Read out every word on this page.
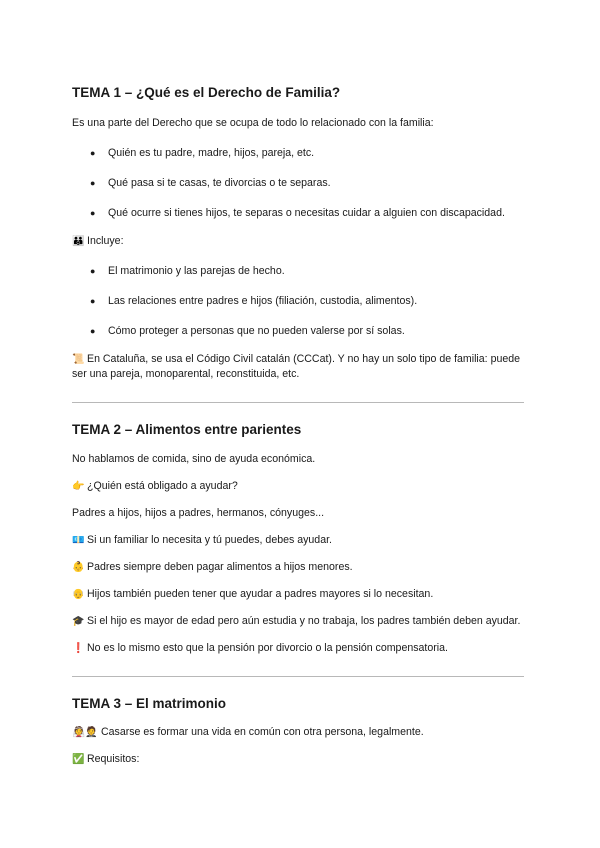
TEMA 1 – ¿Qué es el Derecho de Familia?

Es una parte del Derecho que se ocupa de todo lo relacionado con la familia:

● Quién es tu padre, madre, hijos, pareja, etc.
● Qué pasa si te casas, te divorcias o te separas.
● Qué ocurre si tienes hijos, te separas o necesitas cuidar a alguien con discapacidad.

👪 Incluye:

● El matrimonio y las parejas de hecho.
● Las relaciones entre padres e hijos (filiación, custodia, alimentos).
● Cómo proteger a personas que no pueden valerse por sí solas.

📜 En Cataluña, se usa el Código Civil catalán (CCCat). Y no hay un solo tipo de familia: puede ser una pareja, monoparental, reconstituida, etc.

TEMA 2 – Alimentos entre parientes

No hablamos de comida, sino de ayuda económica.

👉 ¿Quién está obligado a ayudar?

Padres a hijos, hijos a padres, hermanos, cónyuges...

💶 Si un familiar lo necesita y tú puedes, debes ayudar.

👶 Padres siempre deben pagar alimentos a hijos menores.

👴 Hijos también pueden tener que ayudar a padres mayores si lo necesitan.

🎓 Si el hijo es mayor de edad pero aún estudia y no trabaja, los padres también deben ayudar.

❗ No es lo mismo esto que la pensión por divorcio o la pensión compensatoria.

TEMA 3 – El matrimonio

👰🤵 Casarse es formar una vida en común con otra persona, legalmente.

✅ Requisitos:
